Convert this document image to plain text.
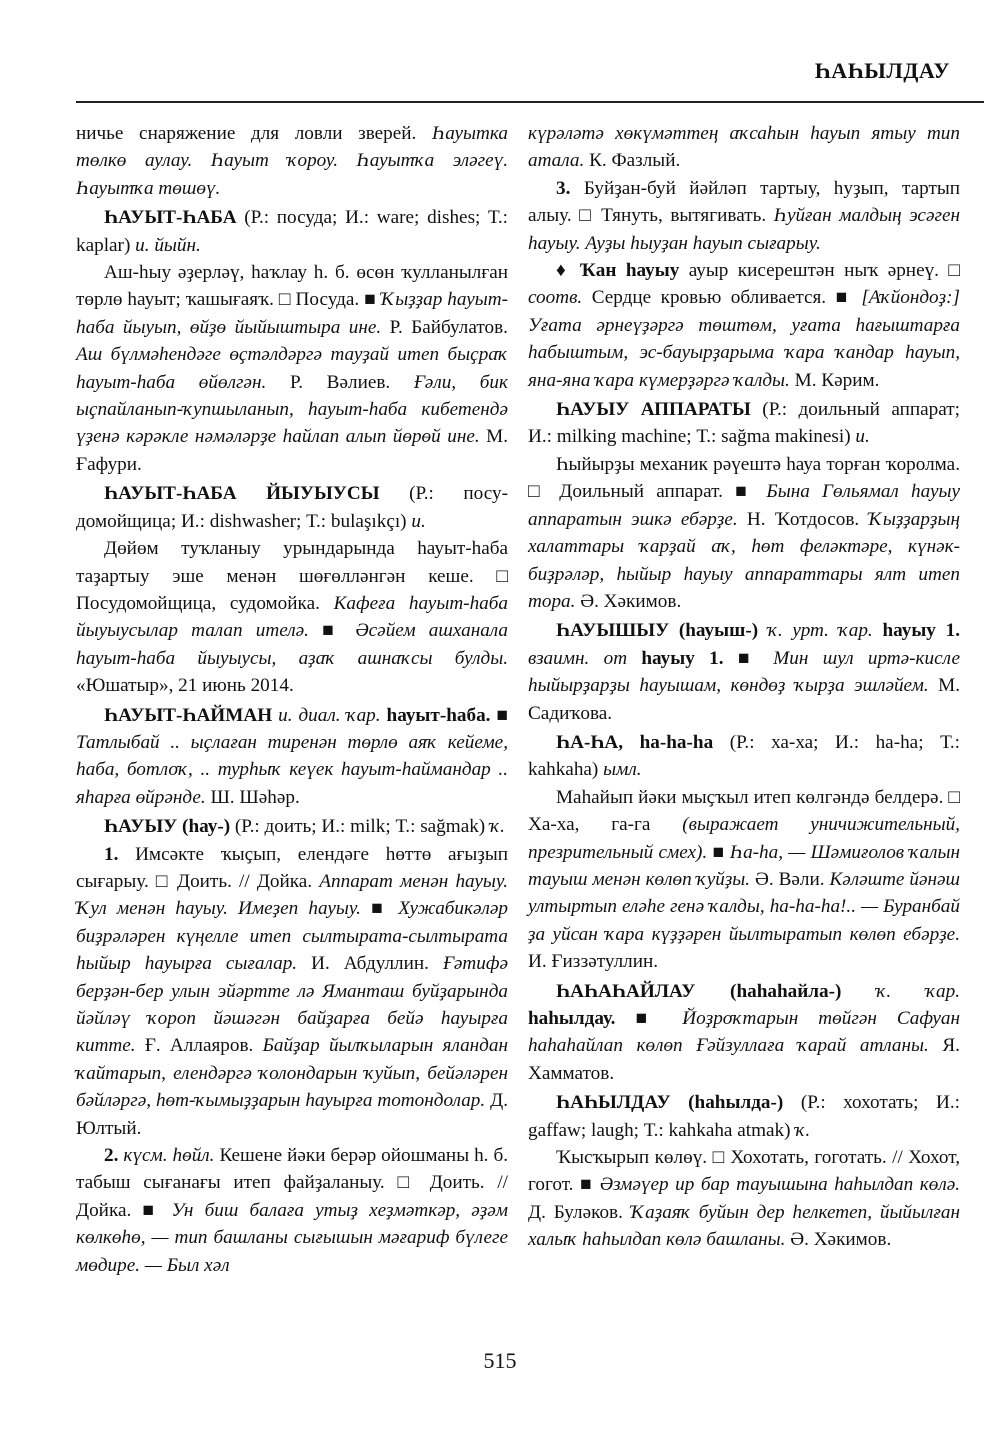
ҺАҺЫЛДАУ

ничье снаряжение для ловли зверей. Һауытка төлкө аулау. Һауыт ҡороу. Һауытҡа эләгеү. Һауытҡа төшөү.

ҺАУЫТ-ҺАБА (Р.: посуда; И.: ware; dishes; Т.: kaplar) и. йыйн.

Аш-һыу әҙерләү, һаҡлау һ. б. өсөн ҡулланылған төрлө һауыт; ҡашығаяҡ. □ Посуда. ■ Ҡыҙҙар һауыт-һаба йыуып, өйҙө йыйыштыра ине. Р. Байбулатов. Аш бүлмәһендәге өҫтәлдәргә тауҙай итеп быҫраҡ һауыт-һаба өйөлгән. Р. Вәлиев. Ғәли, бик ыҫпайланып-ҡупшыланып, һауыт-һаба кибетендә үҙенә кәрәкле нәмәләрҙе һайлап алып йөрөй ине. М. Ғафури.

ҺАУЫТ-ҺАБА ЙЫУЫУСЫ (Р.: посудомойщица; И.: dishwasher; Т.: bulaşıkçı) и.

Дөйөм туҡланыу урындарында һауыт-һаба таҙартыу эше менән шөғөлләнгән кеше. □ Посудомойщица, судомойка. Кафеға һауыт-һаба йыуыусылар талап ителә. ■ Әсәйем ашханала һауыт-һаба йыуыусы, аҙаҡ ашнаҡсы булды. «Юшатыр», 21 июнь 2014.

ҺАУЫТ-ҺАЙМАН и. диал. ҡар. һауыт-һаба. ■ Татлыбай .. ыҫлаған тиренән төрлө аяҡ кейеме, һаба, ботлоҡ, .. турһыҡ кеүек һауыт-һаймандар .. яһарға өйрәнде. Ш. Шәһәр.

ҺАУЫУ (һау-) (Р.: доить; И.: milk; Т.: sağmak) ҡ.

1. Имсәкте ҡыҫып, елендәге һөттө ағыҙып сығарыу. □ Доить. // Дойка. Аппарат менән һауыу. Ҡул менән һауыу. Имеҙеп һауыу. ■ Хужабикәләр биҙрәләрен күңелле итеп сылтырата-сылтырата һыйыр һауырға сығалар. И. Абдуллин. Ғәтифә берҙән-бер улын эйәртте лә Яманташ буйҙарында йәйләү ҡороп йәшәгән байҙарға бейә һауырға китте. Ғ. Аллаяров. Байҙар йылҡыларын яландан ҡайтарып, елендәргә ҡолондарын ҡуйып, бейәләрен бәйләргә, һөт-ҡымыҙҙарын һауырға тотондолар. Д. Юлтый.

2. күсм. һөйл. Кешене йәки берәр ойошманы һ. б. табыш сығанағы итеп файҙаланыу. □ Доить. // Дойка. ■ Ун биш балаға утыҙ хеҙмәткәр, әҙәм көлкөһө, — тип башланы сығышын мәғариф бүлеге мөдире. — Был хәл

күрәләтә хөкүмәттең аҡсаһын һауып ятыу тип атала. К. Фазлый.

3. Буйҙан-буй йәйләп тартыу, һуҙып, тартып алыу. □ Тянуть, вытягивать. Һуйған малдың эсәген һауыу. Ауҙы һыуҙан һауып сығарыу.

♦ Ҡан һауыу ауыр кисерештән ныҡ әрнеү. □ соотв. Сердце кровью обливается. ■ [Аҡйондоҙ:] Уғата әрнеүҙәргә төштөм, уғата һағыштарға һабыштым, эс-бауырҙарыма ҡара ҡандар һауып, яна-яна ҡара күмерҙәргә ҡалды. М. Кәрим.

ҺАУЫУ АППАРАТЫ (Р.: доильный аппарат; И.: milking machine; Т.: sağma makinesi) и.

Һыйырҙы механик рәүештә һауа торған ҡоролма. □ Доильный аппарат. ■ Бына Гөльямал һауыу аппаратын эшкә ебәрҙе. Н. Ҡотдосов. Ҡыҙҙарҙың халаттары ҡарҙай аҡ, һөт феләктәре, күнәк-биҙрәләр, һыйыр һауыу аппараттары ялт итеп тора. Ә. Хәкимов.

ҺАУЫШЫУ (һауыш-) ҡ. урт. ҡар. һауыу 1. взаимн. от һауыу 1. ■ Мин шул иртә-кисле һыйырҙарҙы һауышам, көндөҙ ҡырҙа эшләйем. М. Садиҡова.

ҺА-ҺА, һа-һа-һа (Р.: ха-ха; И.: ha-ha; Т.: kahkaha) ымл.

Маһайып йәки мыҫҡыл итеп көлгәндә белдерә. □ Ха-ха, га-га (выражает уничижительный, презрительный смех). ■ Һа-һа, — Шәмиғолов ҡалын тауыш менән көлөп ҡуйҙы. Ә. Вәли. Кәләште йәнәш ултыртып еләһе генә ҡалды, һа-һа-һа!.. — Буранбай ҙа уйсан ҡара күҙҙәрен йылтыратып көлөп ебәрҙе. И. Ғиззәтуллин.

ҺАҺАҺАЙЛАУ (һаһаһайла-) ҡ. ҡар. һаһылдау. ■ Йоҙроҡтарын төйгән Сафуан һаһаһайлап көлөп Ғәйзуллаға ҡарай атланы. Я. Хамматов.

ҺАҺЫЛДАУ (һаһылда-) (Р.: хохотать; И.: gaffaw; laugh; Т.: kahkaha atmak) ҡ.

Ҡысҡырып көлөү. □ Хохотать, гоготать. // Хохот, гогот. ■ Әзмәүер ир бар тауышына һаһылдап көлә. Д. Буләков. Ҡаҙаяҡ буйын дер һелкетеп, йыйылған халыҡ һаһылдап көлә башланы. Ә. Хәкимов.

515
